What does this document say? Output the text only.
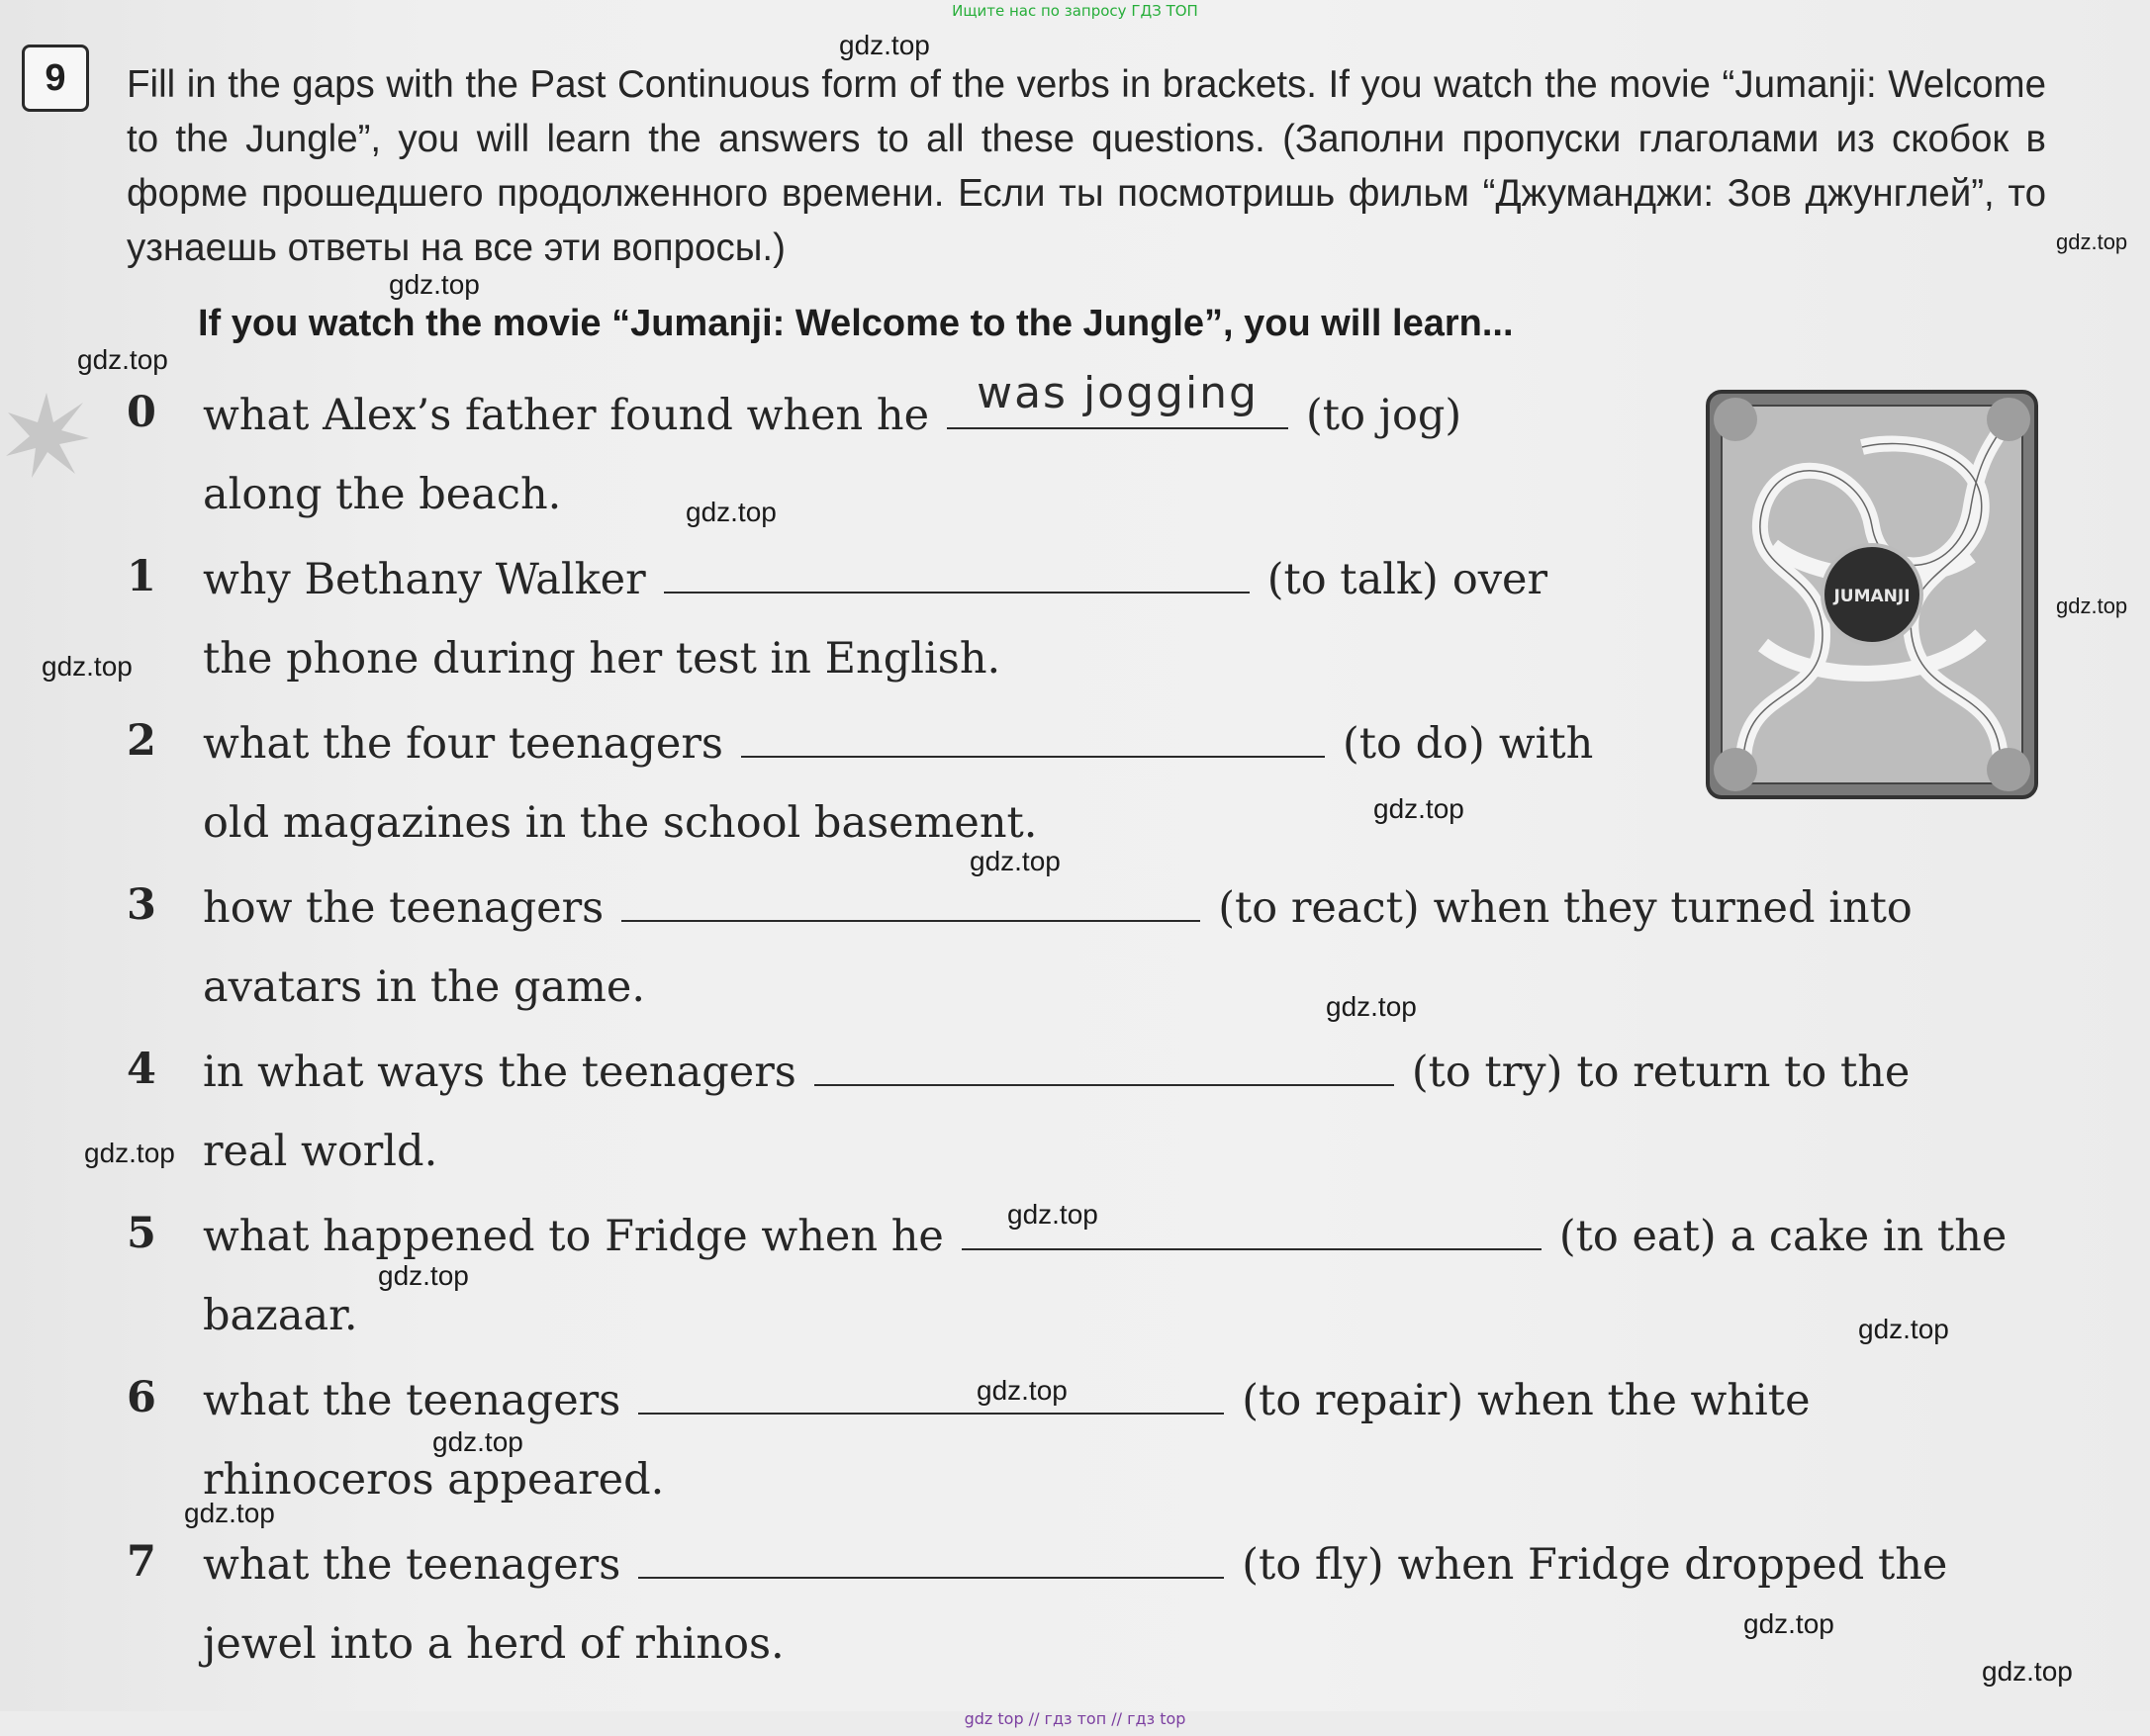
Ищите нас по запросу ГДЗ ТОП
9	Fill in the gaps with the Past Continuous form of the verbs in brackets. If you watch the movie “Jumanji: Welcome to the Jungle”, you will learn the answers to all these questions. (Заполни пропуски глаголами из скобок в форме прошедшего продолженного времени. Если ты посмотришь фильм “Джуманджи: Зов джунглей”, то узнаешь ответы на все эти вопросы.)
If you watch the movie “Jumanji: Welcome to the Jungle”, you will learn...
0 what Alex’s father found when he	was jogging	(to jog)
along the beach.
1 why Bethany Walker	(to talk) over
the phone during her test in English.
2 what the four teenagers	(to do) with
old magazines in the school basement.
JUMANJI
3 how the teenagers	(to react) when they turned into
avatars in the game.
4 in what ways the teenagers	(to try) to return to the
real world.
5 what happened to Fridge when he	(to eat) a cake in the
bazaar.
6 what the teenagers	(to repair) when the white
rhinoceros appeared.
7 what the teenagers	(to fly) when Fridge dropped the
jewel into a herd of rhinos.
gdz.top
gdz.top
gdz.top
gdz.top
gdz.top
gdz.top
gdz.top
gdz.top
gdz.top
gdz.top
gdz.top
gdz.top
gdz.top
gdz.top
gdz.top
gdz.top
gdz.top
gdz.top
gdz.top
gdz top // гдз топ // гдз top
